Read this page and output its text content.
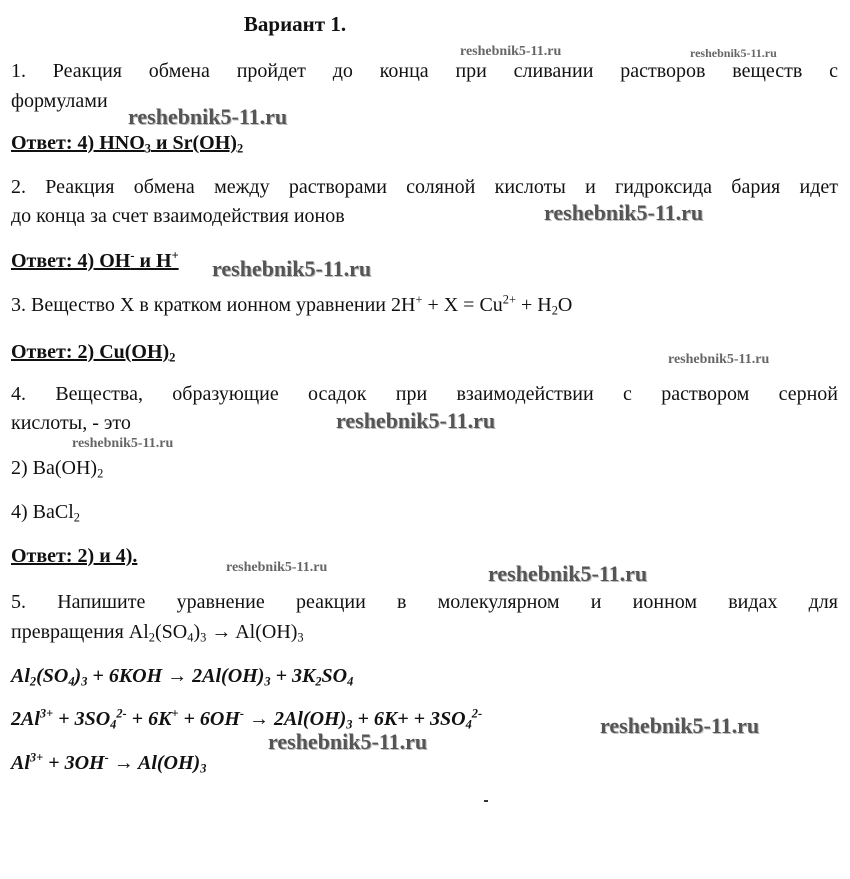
Вариант 1.
1. Реакция обмена пройдет до конца при сливании растворов веществ с
формулами
Ответ: 4) $HNO_3$ и $Sr(OH)_2$
2. Реакция обмена между растворами соляной кислоты и гидроксида бария идет
до конца за счет взаимодействия ионов
Ответ: 4) OH- и H+
3. Вещество X в кратком ионном уравнении $2H^+ + X = Cu^{2+} + H_2O$
Ответ: 2) $Cu(OH)_2$
4. Вещества, образующие осадок при взаимодействии с раствором серной
кислоты, - это
2) $Ba(OH)_2$
4) BaCl$_2$
Ответ: 2) и 4).
5. Напишите уравнение реакции в молекулярном и ионном видах для
превращения $Al_2(SO_4)_3 \to Al(OH)_3$
$Al_2(SO_4)_3 + 6KOH \to 2Al(OH)_3 + 3K_2SO_4$
$2Al^{3+} + 3SO_4^{2-} + 6K^+ + 6OH^- \to 2Al(OH)_3 + 6K+ + 3SO_4^{2-}$
$Al^{3+} + 3OH^- \to Al(OH)_3$
reshebnik5-11.ru	reshebnik5-11.ru
reshebnik5-11.ru
reshebnik5-11.ru
reshebnik5-11.ru
reshebnik5-11.ru
reshebnik5-11.ru
reshebnik5-11.ru
reshebnik5-11.ru	reshebnik5-11.ru
reshebnik5-11.ru
reshebnik5-11.ru
